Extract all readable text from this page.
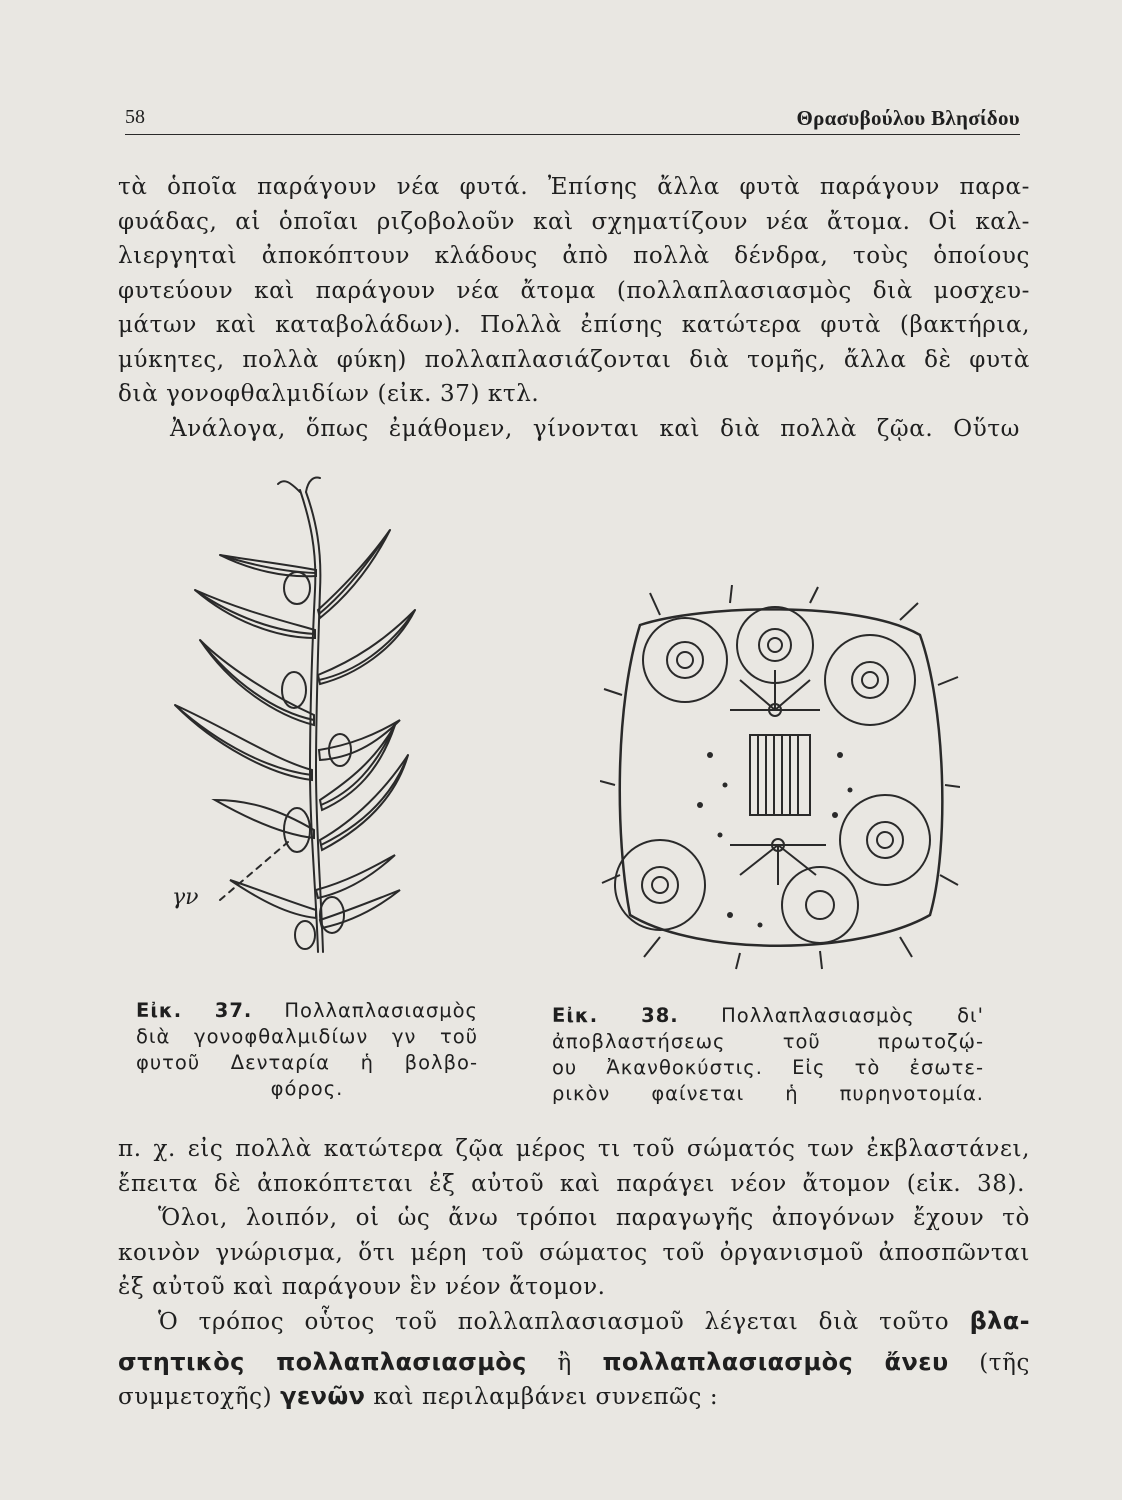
58	Θρασυβούλου Βλησίδου
τὰ ὁποῖα παράγουν νέα φυτά. Ἐπίσης ἄλλα φυτὰ παράγουν παρα-
φυάδας, αἱ ὁποῖαι ριζοβολοῦν καὶ σχηματίζουν νέα ἄτομα. Οἱ καλ-
λιεργηταὶ ἀποκόπτουν κλάδους ἀπὸ πολλὰ δένδρα, τοὺς ὁποίους
φυτεύουν καὶ παράγουν νέα ἄτομα (πολλαπλασιασμὸς διὰ μοσχευ-
μάτων καὶ καταβολάδων). Πολλὰ ἐπίσης κατώτερα φυτὰ (βακτήρια,
μύκητες, πολλὰ φύκη) πολλαπλασιάζονται διὰ τομῆς, ἄλλα δὲ φυτὰ
διὰ γονοφθαλμιδίων (εἰκ. 37) κτλ.
Ἀνάλογα, ὅπως ἐμάθομεν, γίνονται καὶ διὰ πολλὰ ζῷα. Οὕτω
γν
Εἰκ. 37. Πολλαπλασιασμὸς
διὰ γονοφθαλμιδίων γν τοῦ
φυτοῦ Δενταρία ἡ βολβο-
φόρος.
Εἰκ. 38. Πολλαπλασιασμὸς δι'
ἀποβλαστήσεως τοῦ πρωτοζῴ-
ου Ἀκανθοκύστις. Εἰς τὸ ἐσωτε-
ρικὸν φαίνεται ἡ πυρηνοτομία.
π. χ. εἰς πολλὰ κατώτερα ζῷα μέρος τι τοῦ σώματός των ἐκβλαστάνει,
ἔπειτα δὲ ἀποκόπτεται ἐξ αὐτοῦ καὶ παράγει νέον ἄτομον (εἰκ. 38).
Ὅλοι, λοιπόν, οἱ ὡς ἄνω τρόποι παραγωγῆς ἀπογόνων ἔχουν τὸ
κοινὸν γνώρισμα, ὅτι μέρη τοῦ σώματος τοῦ ὀργανισμοῦ ἀποσπῶνται
ἐξ αὐτοῦ καὶ παράγουν ἓν νέον ἄτομον.
Ὁ τρόπος οὗτος τοῦ πολλαπλασιασμοῦ λέγεται διὰ τοῦτο βλα-
στητικὸς πολλαπλασιασμὸς ἢ πολλαπλασιασμὸς ἄνευ (τῆς
συμμετοχῆς) γενῶν καὶ περιλαμβάνει συνεπῶς :
